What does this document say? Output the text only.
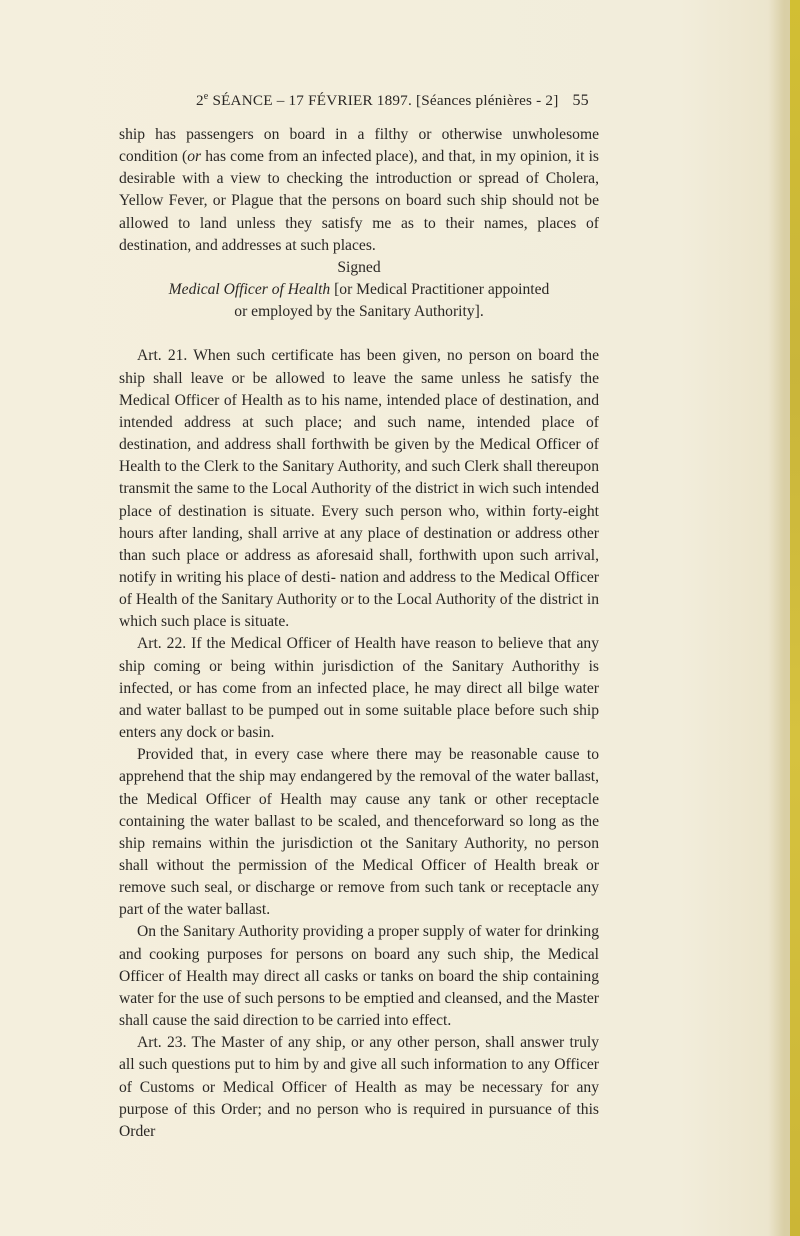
2e SÉANCE – 17 FÉVRIER 1897. [Séances plénières - 2] 55

ship has passengers on board in a filthy or otherwise unwholesome condition (or has come from an infected place), and that, in my opinion, it is desirable with a view to checking the introduction or spread of Cholera, Yellow Fever, or Plague that the persons on board such ship should not be allowed to land unless they satisfy me as to their names, places of destination, and addresses at such places.

Signed

Medical Officer of Health [or Medical Practitioner appointed

or employed by the Sanitary Authority].

Art. 21. When such certificate has been given, no person on board the ship shall leave or be allowed to leave the same unless he satisfy the Medical Officer of Health as to his name, intended place of destination, and intended address at such place; and such name, intended place of destination, and address shall forthwith be given by the Medical Officer of Health to the Clerk to the Sanitary Authority, and such Clerk shall thereupon transmit the same to the Local Authority of the district in wich such intended place of destination is situate. Every such person who, within forty-eight hours after landing, shall arrive at any place of destination or address other than such place or address as aforesaid shall, forthwith upon such arrival, notify in writing his place of desti- nation and address to the Medical Officer of Health of the Sanitary Authority or to the Local Authority of the district in which such place is situate.

Art. 22. If the Medical Officer of Health have reason to believe that any ship coming or being within jurisdiction of the Sanitary Authorithy is infected, or has come from an infected place, he may direct all bilge water and water ballast to be pumped out in some suitable place before such ship enters any dock or basin.

Provided that, in every case where there may be reasonable cause to apprehend that the ship may endangered by the removal of the water ballast, the Medical Officer of Health may cause any tank or other receptacle containing the water ballast to be scaled, and thenceforward so long as the ship remains within the jurisdiction ot the Sanitary Authority, no person shall without the permission of the Medical Officer of Health break or remove such seal, or discharge or remove from such tank or receptacle any part of the water ballast.

On the Sanitary Authority providing a proper supply of water for drinking and cooking purposes for persons on board any such ship, the Medical Officer of Health may direct all casks or tanks on board the ship containing water for the use of such persons to be emptied and cleansed, and the Master shall cause the said direction to be carried into effect.

Art. 23. The Master of any ship, or any other person, shall answer truly all such questions put to him by and give all such information to any Officer of Customs or Medical Officer of Health as may be necessary for any purpose of this Order; and no person who is required in pursuance of this Order
